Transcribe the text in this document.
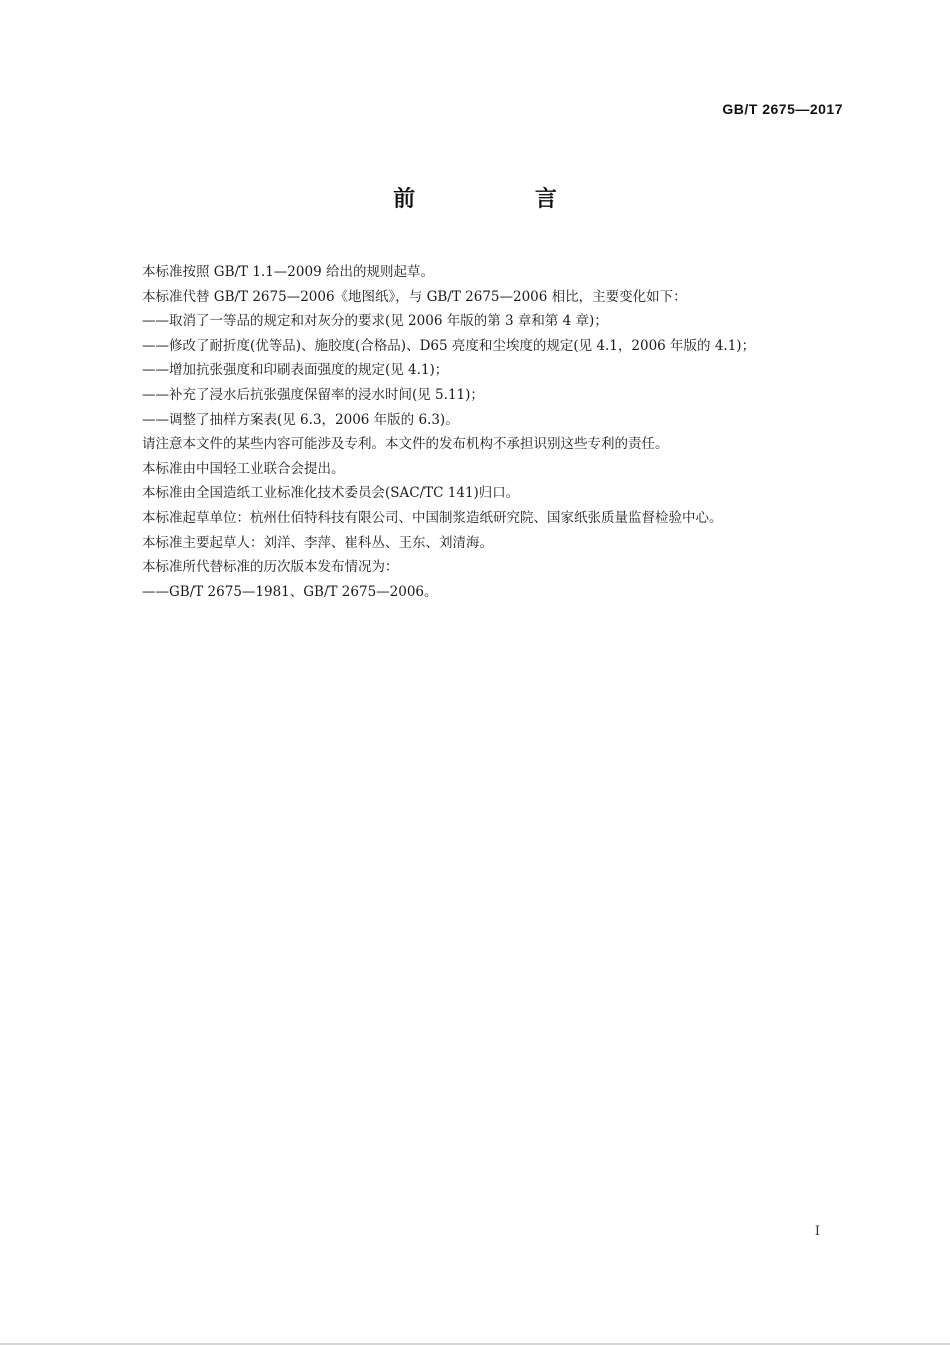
GB/T 2675—2017
前 言
本标准按照 GB/T 1.1—2009 给出的规则起草。
本标准代替 GB/T 2675—2006《地图纸》，与 GB/T 2675—2006 相比，主要变化如下：
——取消了一等品的规定和对灰分的要求(见 2006 年版的第 3 章和第 4 章)；
——修改了耐折度(优等品)、施胶度(合格品)、D65 亮度和尘埃度的规定(见 4.1，2006 年版的 4.1)；
——增加抗张强度和印刷表面强度的规定(见 4.1)；
——补充了浸水后抗张强度保留率的浸水时间(见 5.11)；
——调整了抽样方案表(见 6.3，2006 年版的 6.3)。
请注意本文件的某些内容可能涉及专利。本文件的发布机构不承担识别这些专利的责任。
本标准由中国轻工业联合会提出。
本标准由全国造纸工业标准化技术委员会(SAC/TC 141)归口。
本标准起草单位：杭州仕佰特科技有限公司、中国制浆造纸研究院、国家纸张质量监督检验中心。
本标准主要起草人：刘洋、李萍、崔科丛、王东、刘清海。
本标准所代替标准的历次版本发布情况为：
——GB/T 2675—1981、GB/T 2675—2006。
I
